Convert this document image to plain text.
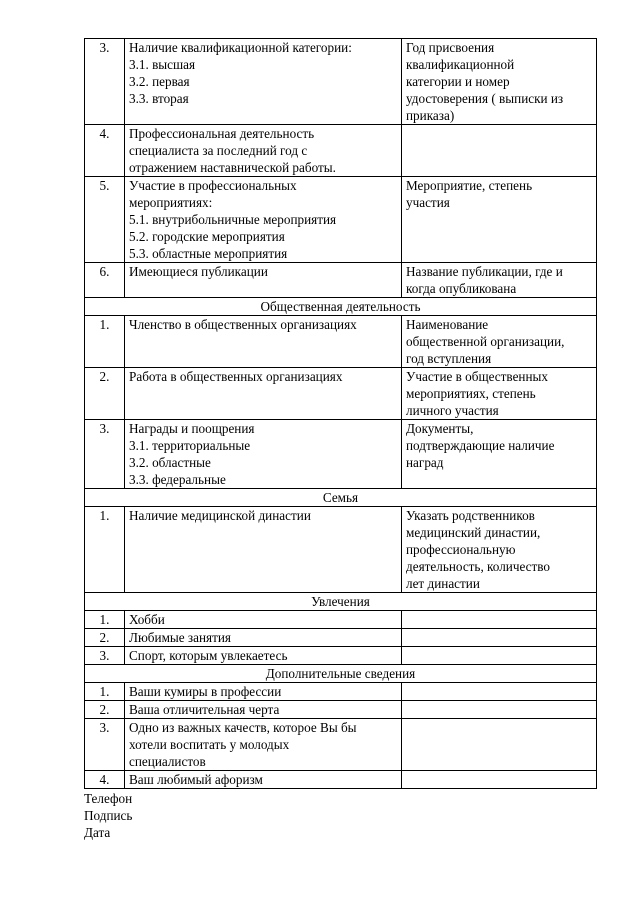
3.	Наличие квалификационной категории:
3.1. высшая
3.2. первая
3.3. вторая	Год присвоения
квалификационной
категории и номер
удостоверения ( выписки из
приказа)

4.	Профессиональная деятельность
специалиста за последний год с
отражением наставнической работы.	

5.	Участие в профессиональных
мероприятиях:
5.1. внутрибольничные мероприятия
5.2. городские мероприятия
5.3. областные мероприятия	Мероприятие, степень
участия

6.	Имеющиеся публикации	Название публикации, где и
когда опубликована

Общественная деятельность		
1.	Членство в общественных организациях	Наименование
общественной организации,
год вступления

2.	Работа в общественных организациях	Участие в общественных
мероприятиях, степень
личного участия

3.	Награды и поощрения
3.1. территориальные
3.2. областные
3.3. федеральные	Документы,
подтверждающие наличие
наград

Семья		
1.	Наличие медицинской династии	Указать родственников
медицинский династии,
профессиональную
деятельность, количество
лет династии

Увлечения		
1.	Хобби	

2.	Любимые занятия	

3.	Спорт, которым увлекаетесь	

Дополнительные сведения		
1.	Ваши кумиры в профессии	

2.	Ваша отличительная черта	

3.	Одно из важных качеств, которое Вы бы
хотели воспитать у молодых
специалистов	

4.	Ваш любимый афоризм	

Телефон
Подпись
Дата
